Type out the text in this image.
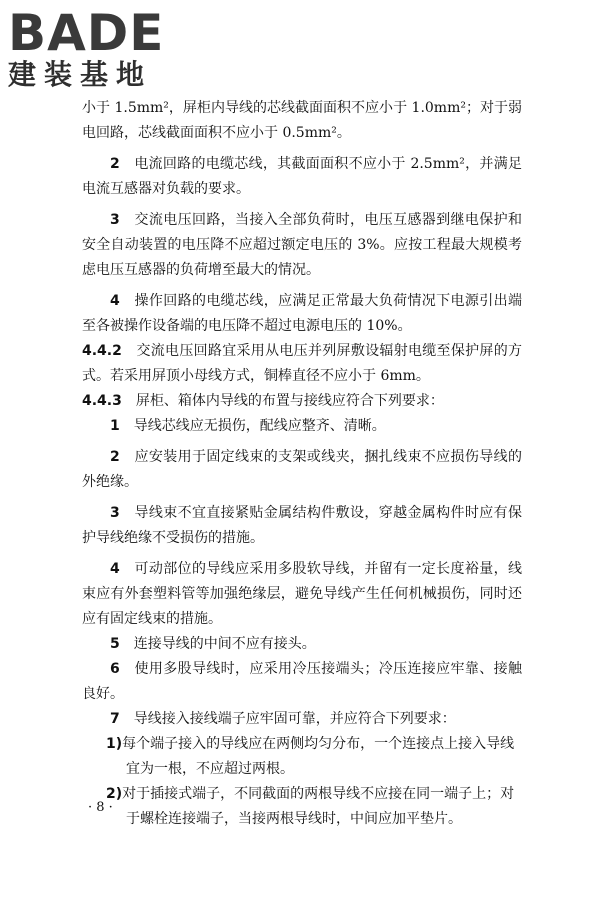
BADE
建装基地

小于 1.5mm²，屏柜内导线的芯线截面面积不应小于 1.0mm²；对于弱电回路，芯线截面面积不应小于 0.5mm²。

2　 电流回路的电缆芯线，其截面面积不应小于 2.5mm²，并满足电流互感器对负载的要求。

3　 交流电压回路，当接入全部负荷时，电压互感器到继电保护和安全自动装置的电压降不应超过额定电压的 3%。应按工程最大规模考虑电压互感器的负荷增至最大的情况。

4　 操作回路的电缆芯线，应满足正常最大负荷情况下电源引出端至各被操作设备端的电压降不超过电源电压的 10%。

4.4.2　 交流电压回路宜采用从电压并列屏敷设辐射电缆至保护屏的方式。若采用屏顶小母线方式，铜棒直径不应小于 6mm。

4.4.3　 屏柜、箱体内导线的布置与接线应符合下列要求：

1　 导线芯线应无损伤，配线应整齐、清晰。

2　 应安装用于固定线束的支架或线夹，捆扎线束不应损伤导线的外绝缘。

3　 导线束不宜直接紧贴金属结构件敷设，穿越金属构件时应有保护导线绝缘不受损伤的措施。

4　 可动部位的导线应采用多股软导线，并留有一定长度裕量，线束应有外套塑料管等加强绝缘层，避免导线产生任何机械损伤，同时还应有固定线束的措施。

5　 连接导线的中间不应有接头。

6　 使用多股导线时，应采用冷压接端头；冷压连接应牢靠、接触良好。

7　 导线接入接线端子应牢固可靠，并应符合下列要求：

1)每个端子接入的导线应在两侧均匀分布，一个连接点上接入导线宜为一根，不应超过两根。

2)对于插接式端子，不同截面的两根导线不应接在同一端子上；对于螺栓连接端子，当接两根导线时，中间应加平垫片。

· 8 ·
